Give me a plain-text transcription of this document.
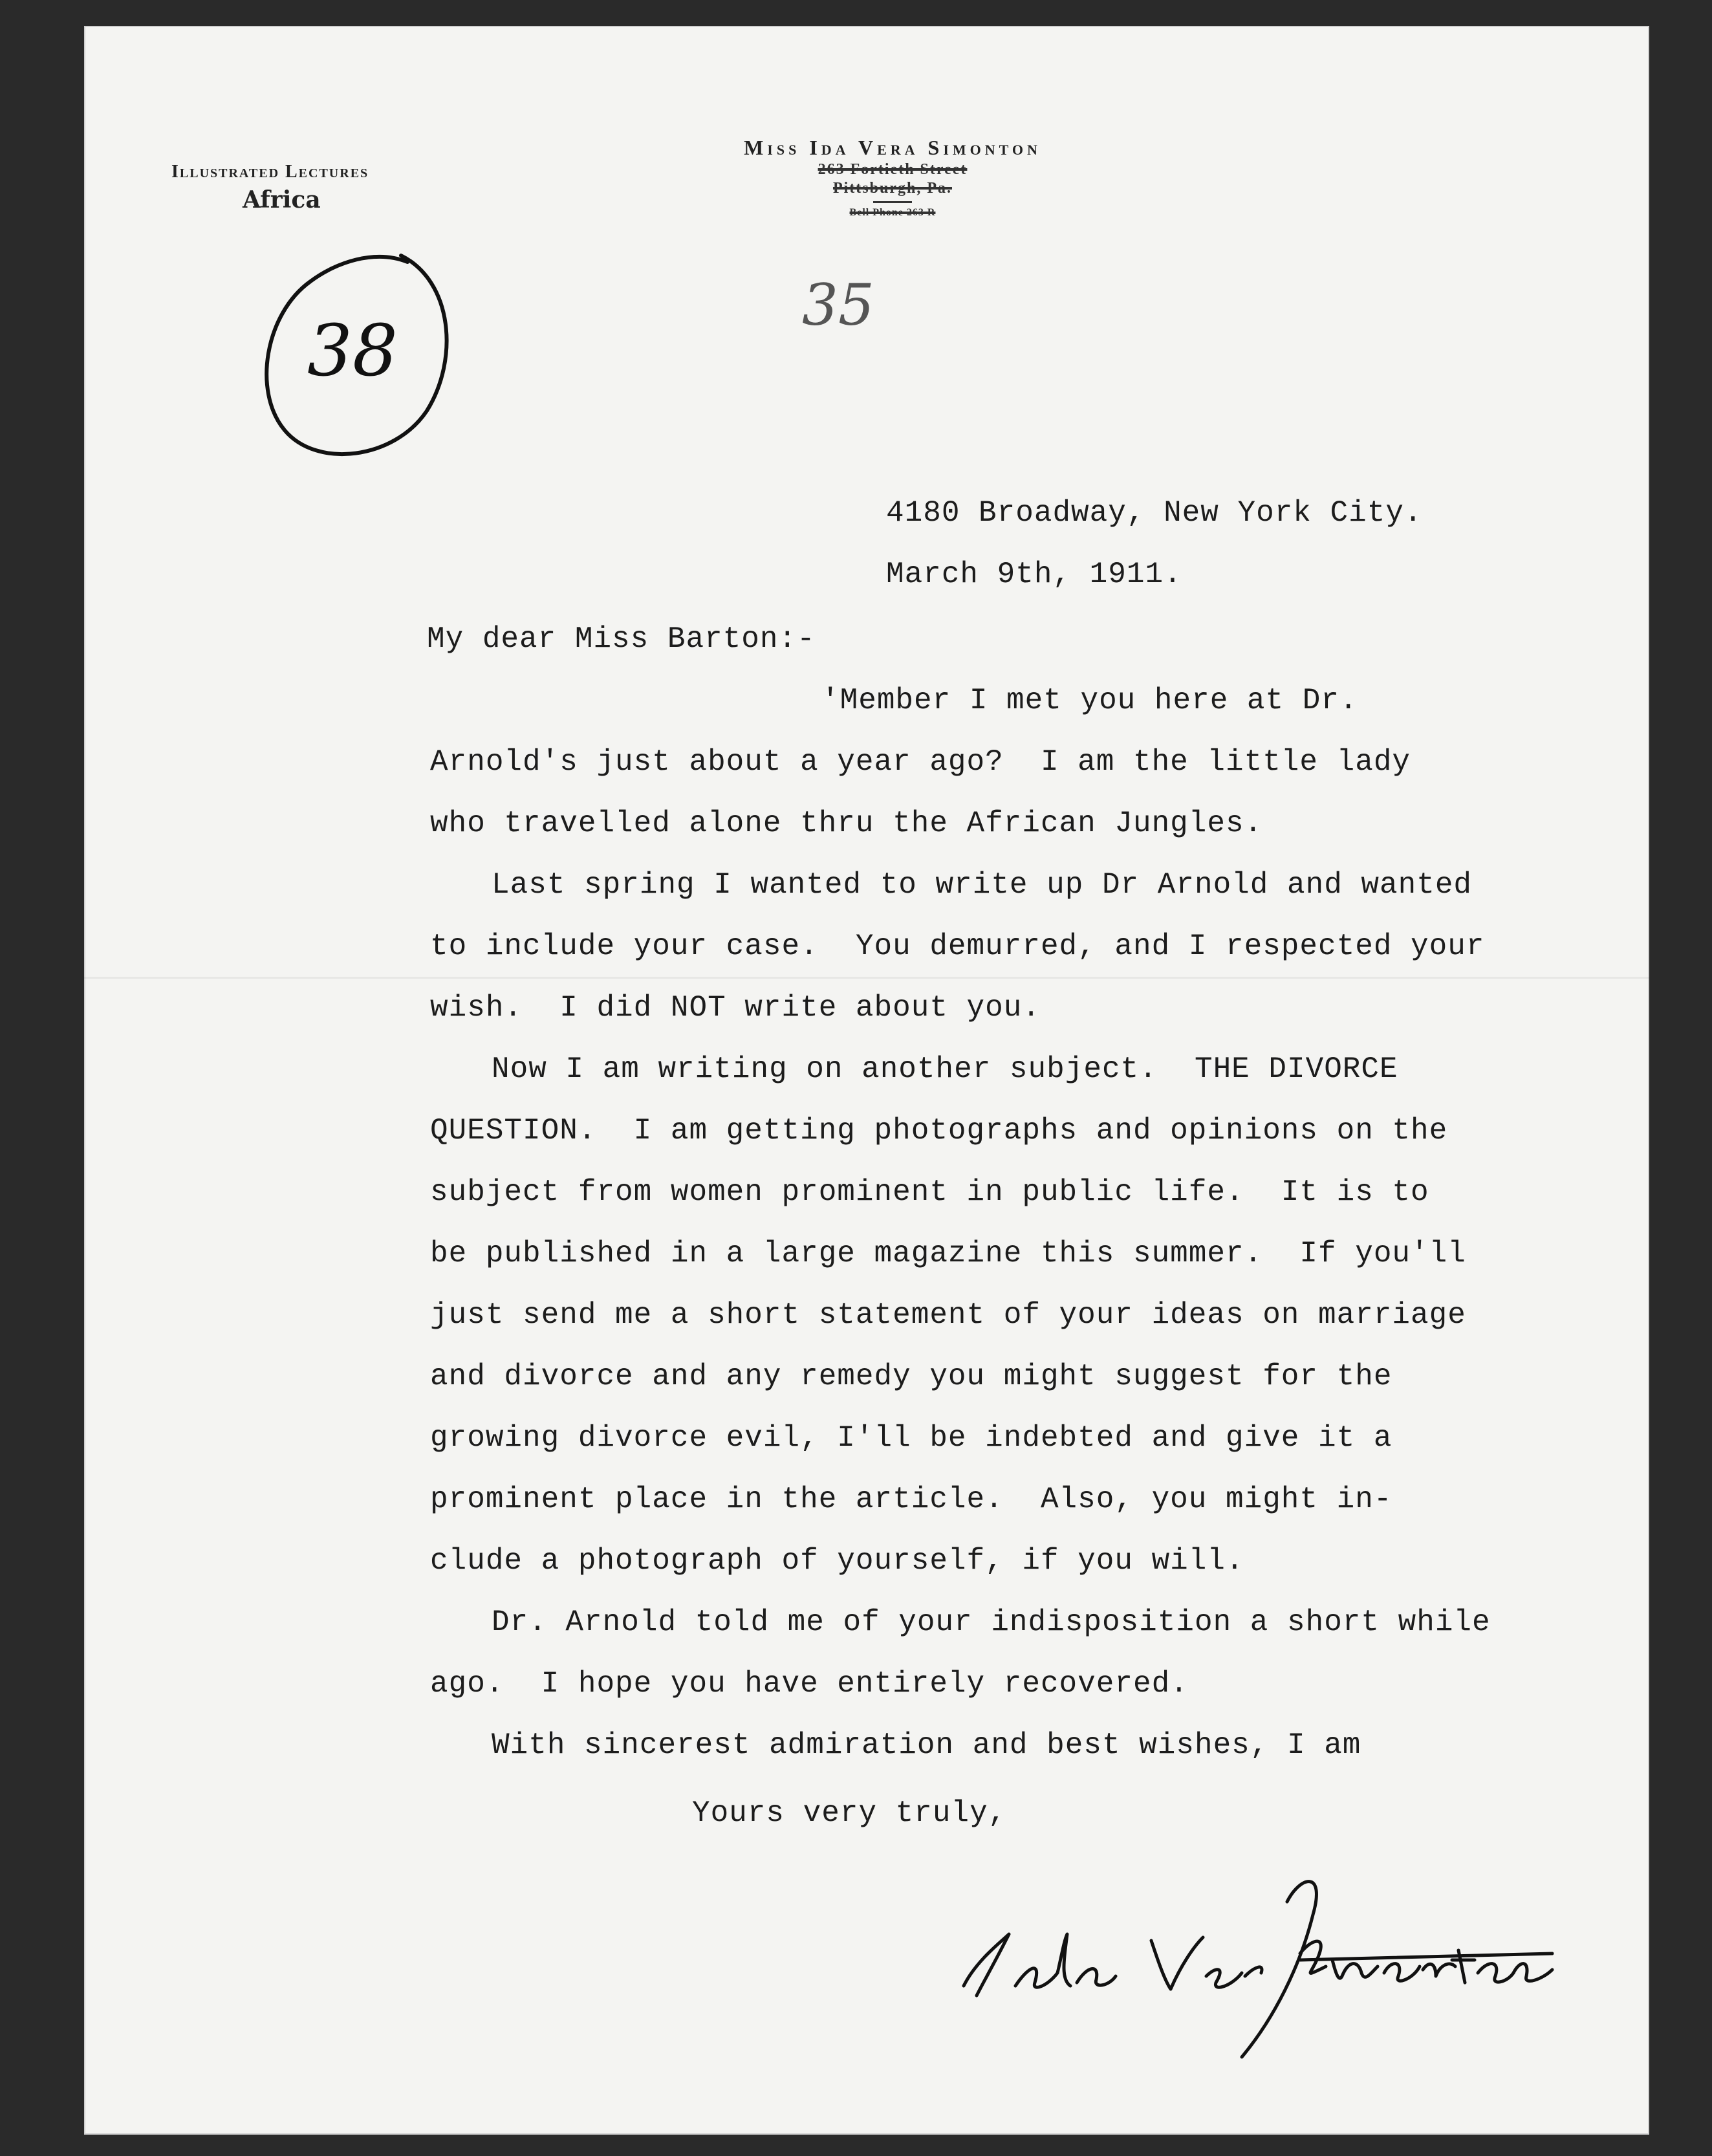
Illustrated Lectures
Africa
Miss Ida Vera Simonton
263 Fortieth Street
Pittsburgh, Pa.
Bell Phone 263 R
38
35
4180 Broadway, New York City.
March 9th, 1911.
My dear Miss Barton:-
'Member I met you here at Dr.
Arnold's just about a year ago?  I am the little lady
who travelled alone thru the African Jungles.
Last spring I wanted to write up Dr Arnold and wanted
to include your case.  You demurred, and I respected your
wish.  I did NOT write about you.
Now I am writing on another subject.  THE DIVORCE
QUESTION.  I am getting photographs and opinions on the
subject from women prominent in public life.  It is to
be published in a large magazine this summer.  If you'll
just send me a short statement of your ideas on marriage
and divorce and any remedy you might suggest for the
growing divorce evil, I'll be indebted and give it a
prominent place in the article.  Also, you might in-
clude a photograph of yourself, if you will.
Dr. Arnold told me of your indisposition a short while
ago.  I hope you have entirely recovered.
With sincerest admiration and best wishes, I am
Yours very truly,
Ida Vera Simonton
